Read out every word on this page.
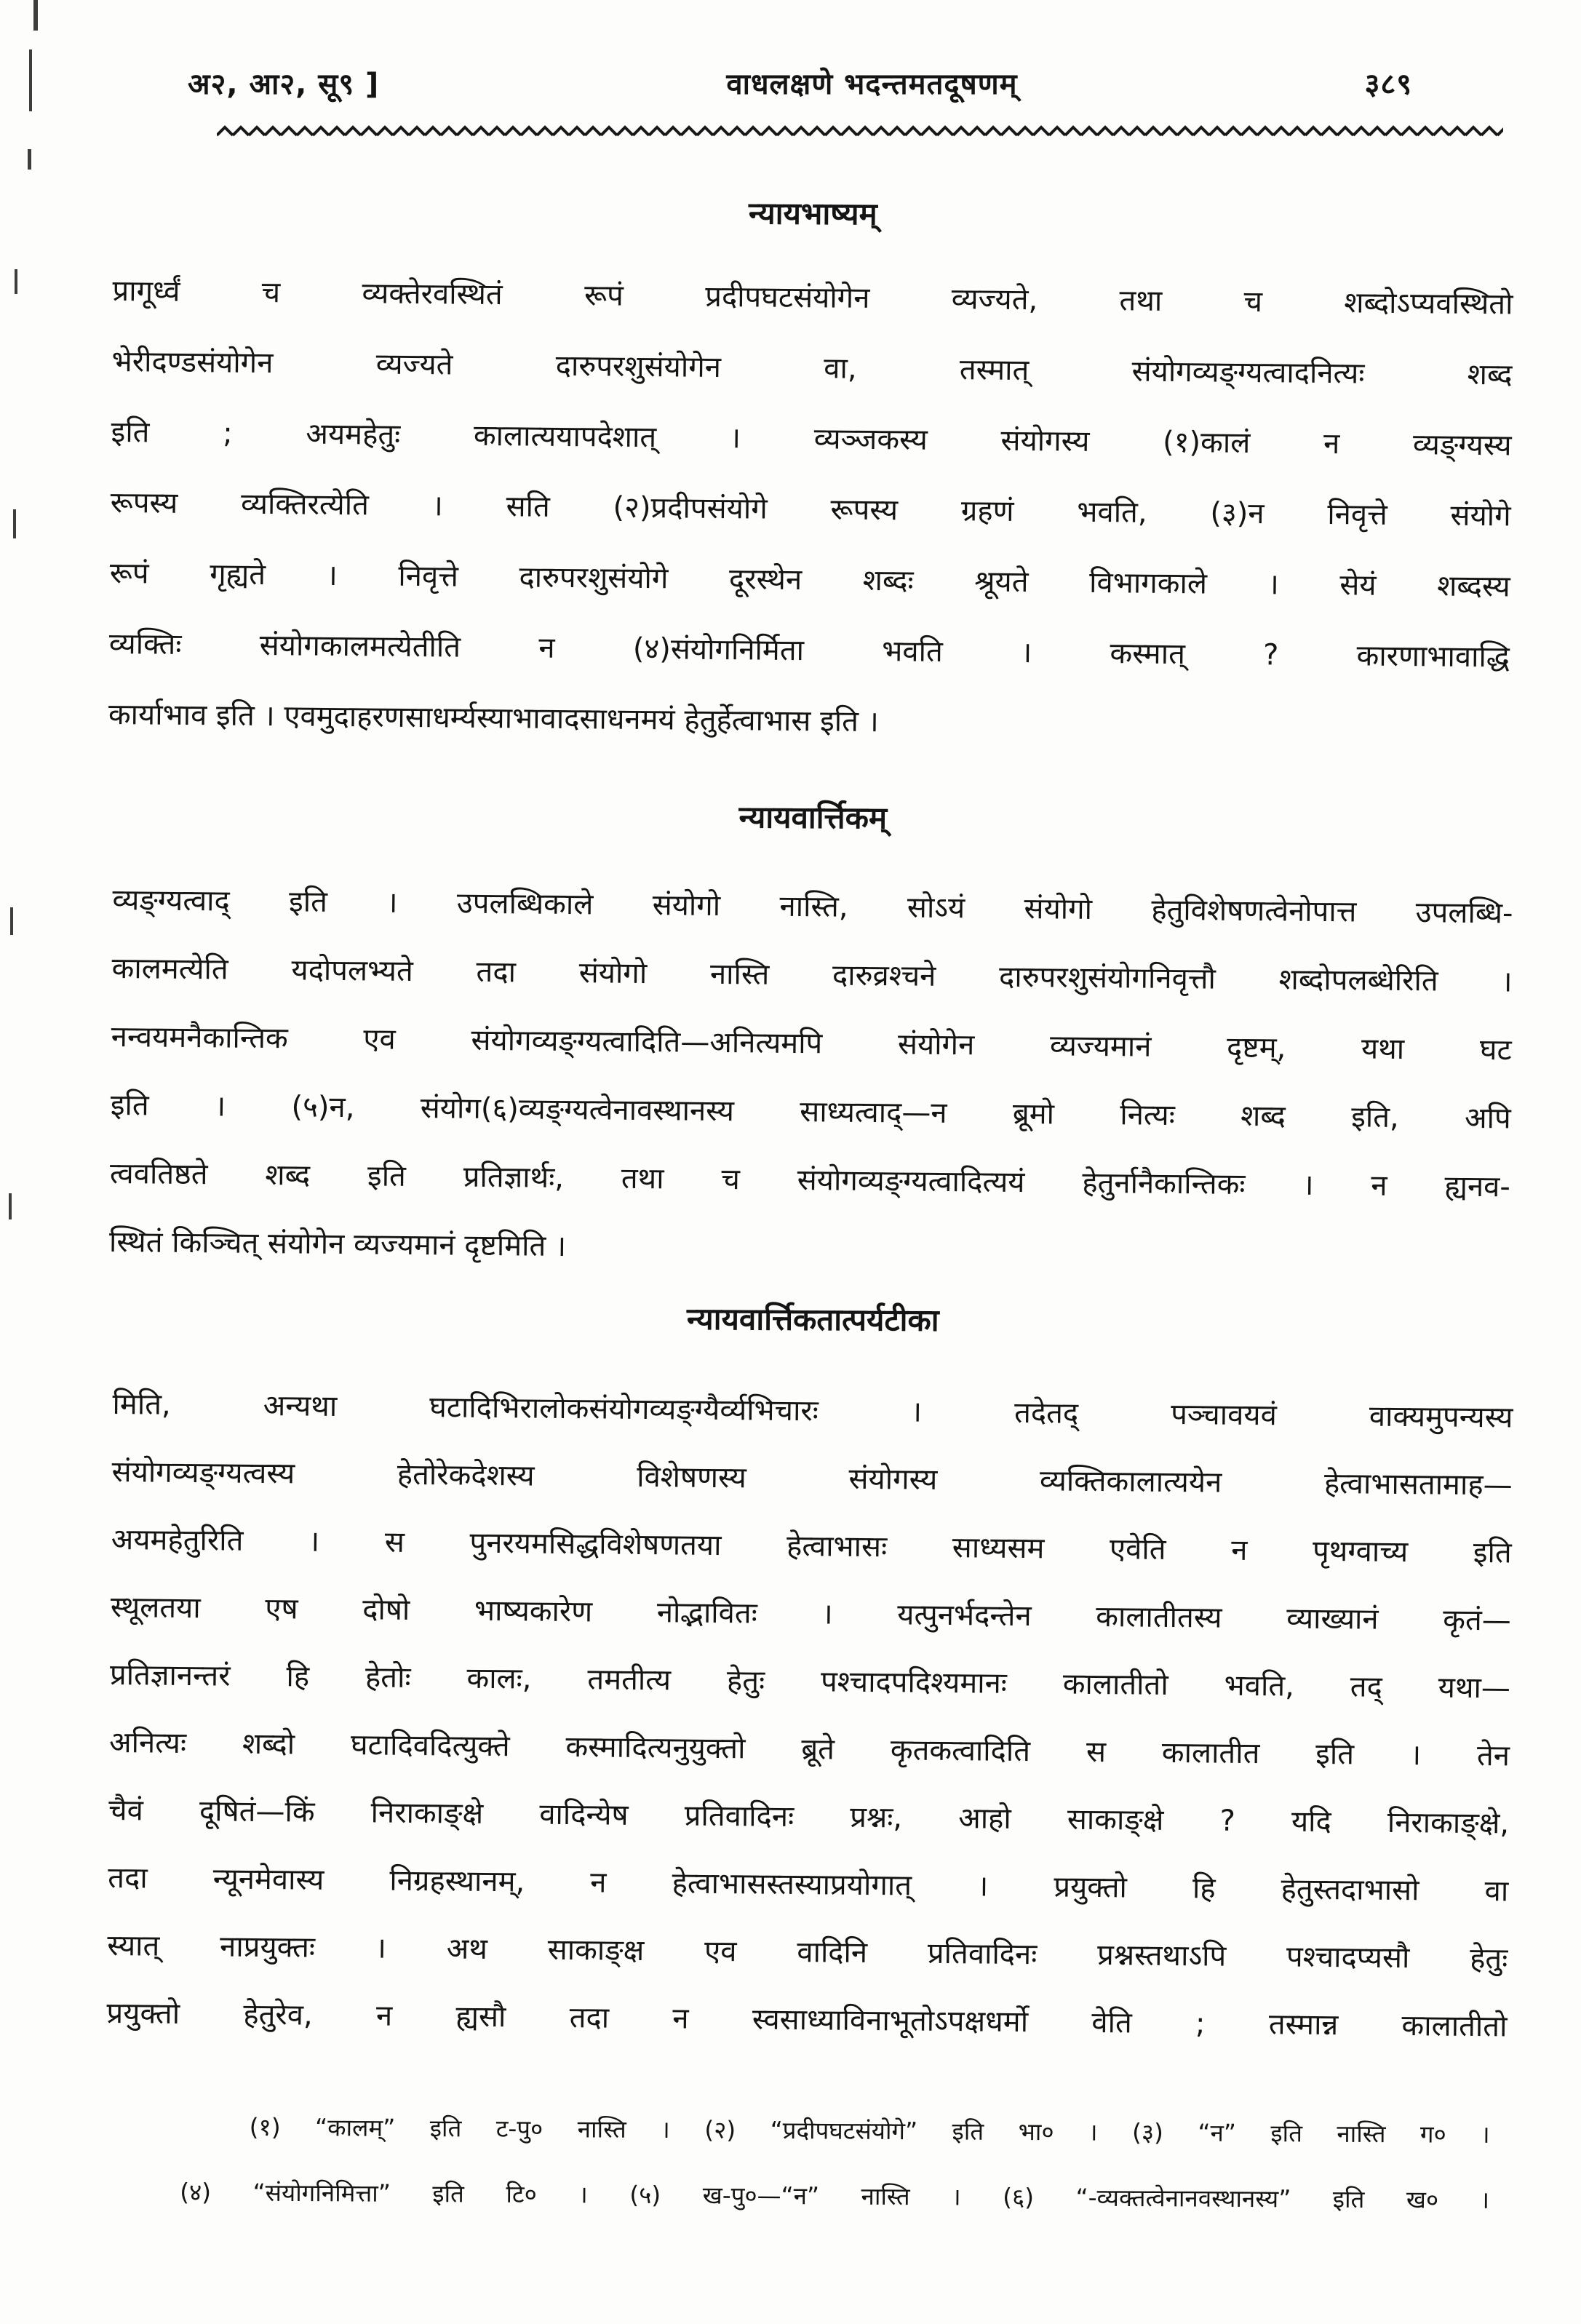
अ२, आ२, सू९ ]	वाधलक्षणे भदन्तमतदूषणम्	३८९
न्यायभाष्यम्
प्रागूर्ध्वं च व्यक्तेरवस्थितं रूपं प्रदीपघटसंयोगेन व्यज्यते, तथा च शब्दोऽप्यवस्थितो
भेरीदण्डसंयोगेन व्यज्यते दारुपरशुसंयोगेन वा, तस्मात् संयोगव्यङ्ग्यत्वादनित्यः शब्द
इति ; अयमहेतुः कालात्ययापदेशात् । व्यञ्जकस्य संयोगस्य (१)कालं न व्यङ्ग्यस्य
रूपस्य व्यक्तिरत्येति । सति (२)प्रदीपसंयोगे रूपस्य ग्रहणं भवति, (३)न निवृत्ते संयोगे
रूपं गृह्यते । निवृत्ते दारुपरशुसंयोगे दूरस्थेन शब्दः श्रूयते विभागकाले । सेयं शब्दस्य
व्यक्तिः संयोगकालमत्येतीति न (४)संयोगनिर्मिता भवति । कस्मात् ? कारणाभावाद्धि
कार्याभाव इति । एवमुदाहरणसाधर्म्यस्याभावादसाधनमयं हेतुर्हेत्वाभास इति ।
न्यायवार्त्तिकम्
व्यङ्ग्यत्वाद् इति । उपलब्धिकाले संयोगो नास्ति, सोऽयं संयोगो हेतुविशेषणत्वेनोपात्त उपलब्धि-
कालमत्येति यदोपलभ्यते तदा संयोगो नास्ति दारुव्रश्चने दारुपरशुसंयोगनिवृत्तौ शब्दोपलब्धेरिति ।
नन्वयमनैकान्तिक एव संयोगव्यङ्ग्यत्वादिति—अनित्यमपि संयोगेन व्यज्यमानं दृष्टम्, यथा घट
इति । (५)न, संयोग(६)व्यङ्ग्यत्वेनावस्थानस्य साध्यत्वाद्—न ब्रूमो नित्यः शब्द इति, अपि
त्ववतिष्ठते शब्द इति प्रतिज्ञार्थः, तथा च संयोगव्यङ्ग्यत्वादित्ययं हेतुर्नानैकान्तिकः । न ह्यनव-
स्थितं किञ्चित् संयोगेन व्यज्यमानं दृष्टमिति ।
न्यायवार्त्तिकतात्पर्यटीका
मिति, अन्यथा घटादिभिरालोकसंयोगव्यङ्ग्यैर्व्यभिचारः । तदेतद् पञ्चावयवं वाक्यमुपन्यस्य
संयोगव्यङ्ग्यत्वस्य हेतोरेकदेशस्य विशेषणस्य संयोगस्य व्यक्तिकालात्ययेन हेत्वाभासतामाह—
अयमहेतुरिति । स पुनरयमसिद्धविशेषणतया हेत्वाभासः साध्यसम एवेति न पृथग्वाच्य इति
स्थूलतया एष दोषो भाष्यकारेण नोद्भावितः । यत्पुनर्भदन्तेन कालातीतस्य व्याख्यानं कृतं—
प्रतिज्ञानन्तरं हि हेतोः कालः, तमतीत्य हेतुः पश्चादपदिश्यमानः कालातीतो भवति, तद् यथा—
अनित्यः शब्दो घटादिवदित्युक्ते कस्मादित्यनुयुक्तो ब्रूते कृतकत्वादिति स कालातीत इति । तेन
चैवं दूषितं—किं निराकाङ्क्षे वादिन्येष प्रतिवादिनः प्रश्नः, आहो साकाङ्क्षे ? यदि निराकाङ्क्षे,
तदा न्यूनमेवास्य निग्रहस्थानम्, न हेत्वाभासस्तस्याप्रयोगात् । प्रयुक्तो हि हेतुस्तदाभासो वा
स्यात् नाप्रयुक्तः । अथ साकाङ्क्ष एव वादिनि प्रतिवादिनः प्रश्नस्तथाऽपि पश्चादप्यसौ हेतुः
प्रयुक्तो हेतुरेव, न ह्यसौ तदा न स्वसाध्याविनाभूतोऽपक्षधर्मो वेति ; तस्मान्न कालातीतो
(१) “कालम्” इति ट-पु० नास्ति । (२) “प्रदीपघटसंयोगे” इति भा० । (३) “न” इति नास्ति ग० ।
(४) “संयोगनिमित्ता” इति टि० । (५) ख-पु०—“न” नास्ति । (६) “-व्यक्तत्वेनानवस्थानस्य” इति ख० ।
